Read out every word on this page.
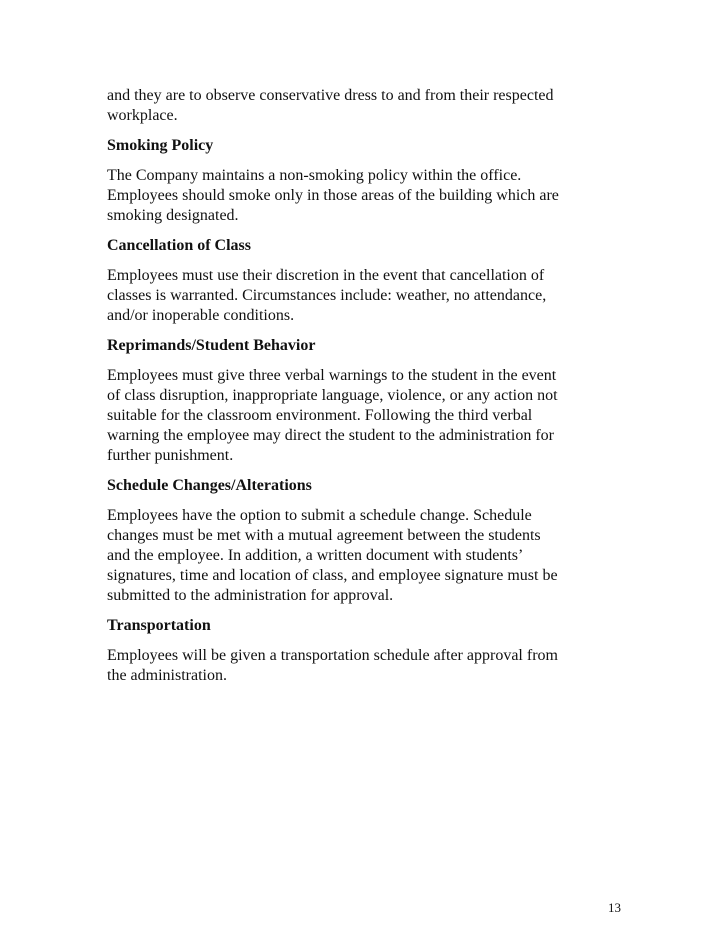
and they are to observe conservative dress to and from their respected
workplace.

Smoking Policy

The Company maintains a non-smoking policy within the office.
Employees should smoke only in those areas of the building which are
smoking designated.

Cancellation of Class

Employees must use their discretion in the event that cancellation of
classes is warranted. Circumstances include: weather, no attendance,
and/or inoperable conditions.

Reprimands/Student Behavior

Employees must give three verbal warnings to the student in the event
of class disruption, inappropriate language, violence, or any action not
suitable for the classroom environment. Following the third verbal
warning the employee may direct the student to the administration for
further punishment.

Schedule Changes/Alterations

Employees have the option to submit a schedule change. Schedule
changes must be met with a mutual agreement between the students
and the employee. In addition, a written document with students’
signatures, time and location of class, and employee signature must be
submitted to the administration for approval.

Transportation

Employees will be given a transportation schedule after approval from
the administration.

13
